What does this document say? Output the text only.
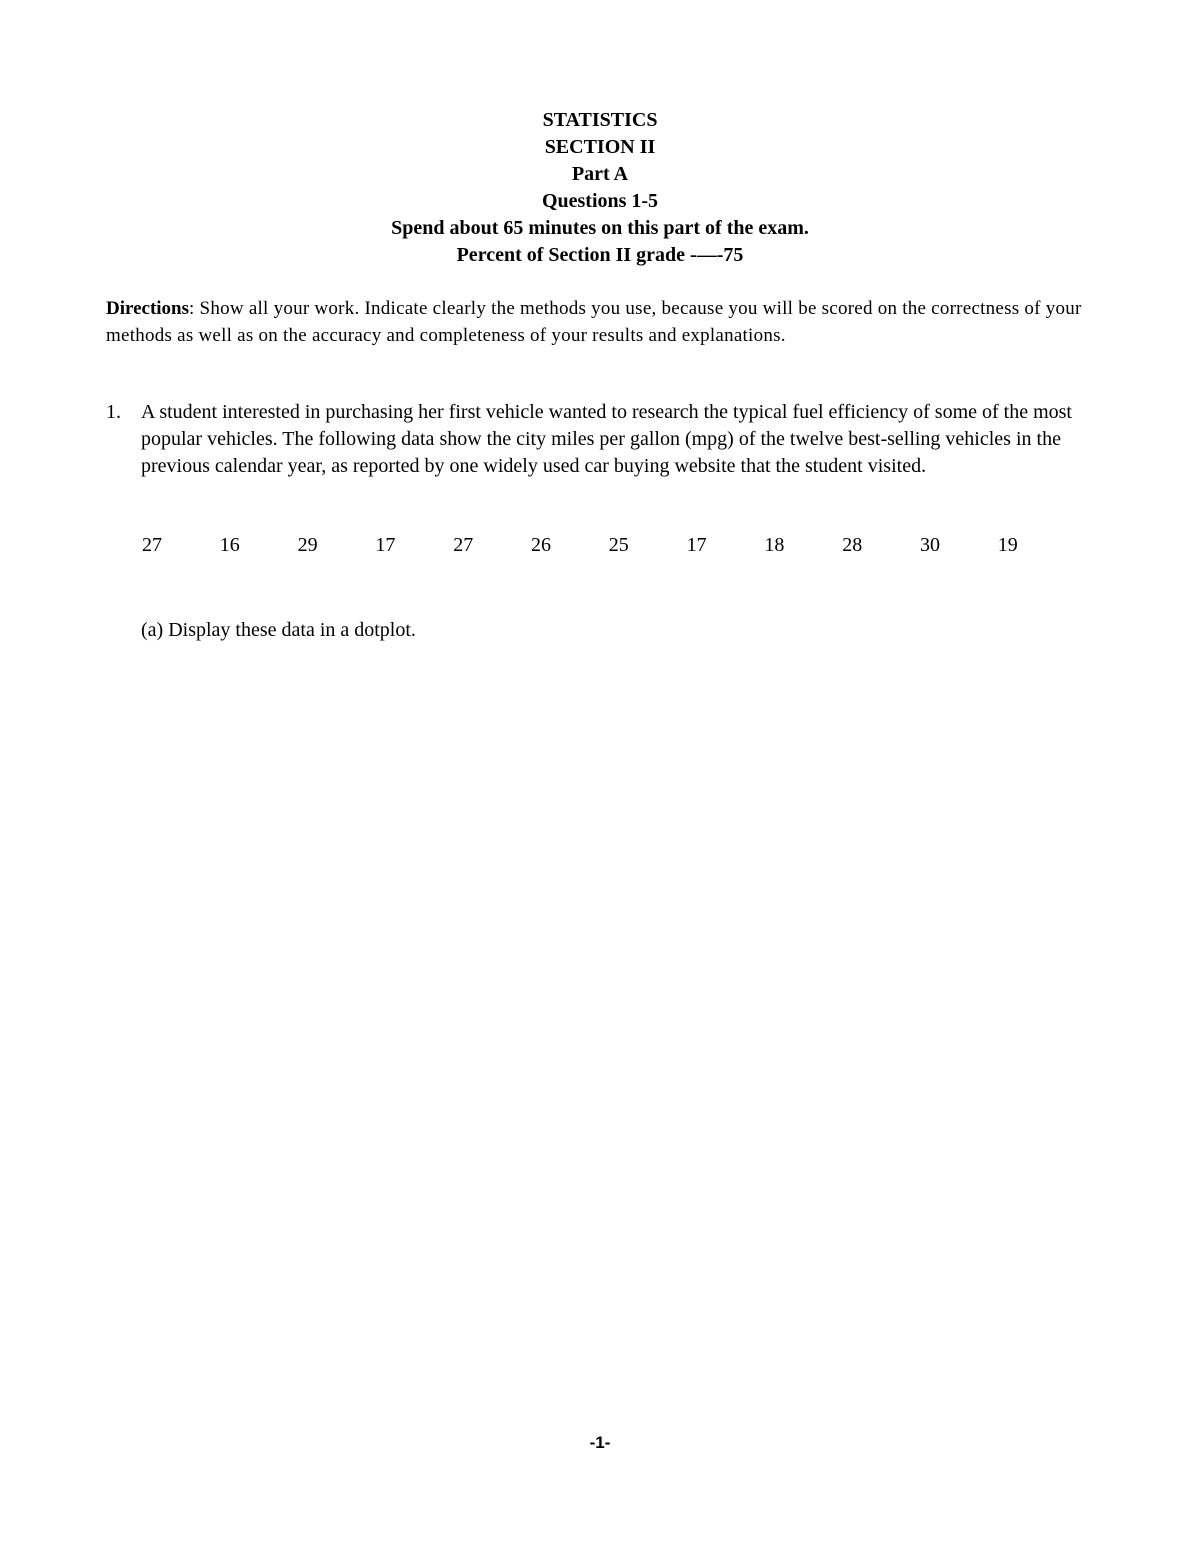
STATISTICS
SECTION II
Part A
Questions 1-5
Spend about 65 minutes on this part of the exam.
Percent of Section II grade -—-75
Directions: Show all your work. Indicate clearly the methods you use, because you will be scored on the correctness of your methods as well as on the accuracy and completeness of your results and explanations.
1. A student interested in purchasing her first vehicle wanted to research the typical fuel efficiency of some of the most popular vehicles. The following data show the city miles per gallon (mpg) of the twelve best-selling vehicles in the previous calendar year, as reported by one widely used car buying website that the student visited.
27	16	29	17	27	26	25	17	18	28	30	19
(a) Display these data in a dotplot.
-1-
